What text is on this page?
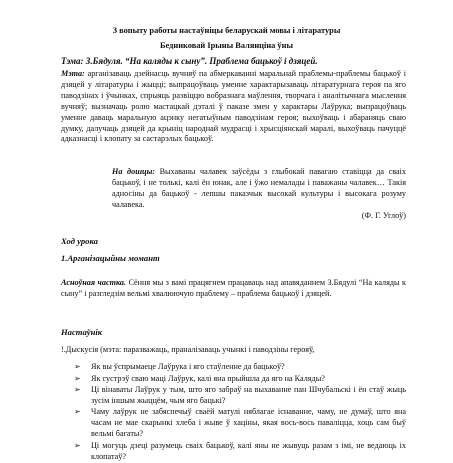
З вопыту работы настаўніцы беларускай мовы і літаратуры
Бедниковай Ірыны Валянціна ўны
Тэма: З.Бядуля. “На каляды к сыну”. Праблема бацькоў і дзяцей.
Мэта: арганізаваць дзейнасць вучняў па абмеркаванні маральнай праблемы-праблемы бацькоў і дзяцей у літаратуры і жыцці; выпрацоўваць уменне характарызаваць літаратурнага героя па яго паводзінах і ўчынках, спрыяць развіццю вобразнага маўлення, творчага і аналітычнага мыслення вучняў; вызначаць ролю мастацкай дэталі ў паказе змен у характары Лаўрука; выпрацоўваць уменне даваць маральную ацэнку негатыўным паводзінам героя; выхоўваць і абараняць сваю думку, далучаць дзяцей да крыніц народнай мудрасці і хрысціянскай маралі, выхоўваць пачуццё адказнасці і клопату за састарэлых бацькоў.
На дошцы: Выхаваны чалавек заўсёды з глыбокай павагаю ставіцца да сваіх бацькоў, і не толькі, калі ён юнак, але і ўжо немалады і паважаны чалавек… Такія адносіны да бацькоў - лепшы паказчык высокай культуры і высокага розуму чалавека.
(Ф. Г. Углоў)
Ход урока
1.Арганізацыйны момант
Асноўная частка. Сёння мы з вамі працягнем працаваць над апавяданнем З.Бядулі “На каляды к сыну” і разгледзім вельмі хвалюючую праблему – праблема бацькоў і дзяцей.
Настаўнік
!.Дыскусія (мэта: паразважаць, праналізаваць учынкі і паводзіны герояў,
➢ Як вы ўспрымаеце Лаўрука і яго стаўленне да бацькоў?
➢ Як сустрэў сваю маці Лаўрук, калі яна прыйшла да яго на Каляды?
➢ Ці вінаваты Лаўрук у тым, што яго забраў на выхаванне пан Шчубальскі і ён стаў жыць зусім іншым жыццём, чым яго бацькі?
➢ Чаму лаўрук не забяспечыў сваёй матулі няблагае існаванне, чаму, не думаў, што яна часам не мае скарынкі хлеба і жыве ў хаціны, якая вось-вось паваліцца, хоць сам быў вельмі багаты?
➢ Ці могуць дзеці разумець сваіх бацькоў, калі яны не жывуць разам з імі, не ведаюць іх клопатаў?
